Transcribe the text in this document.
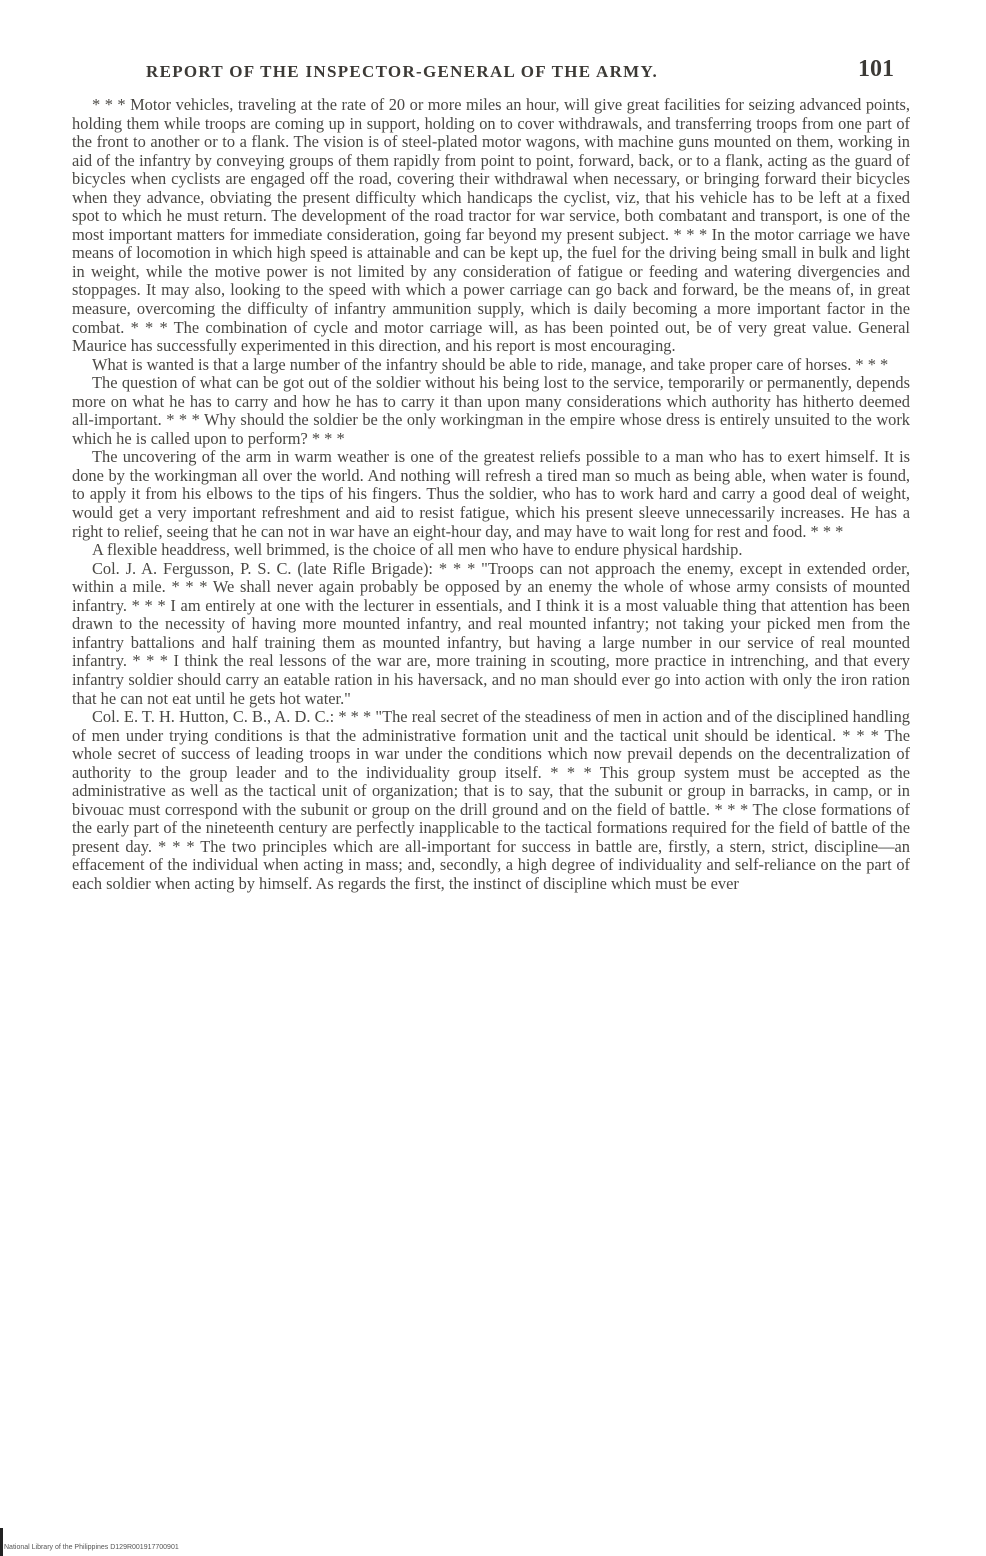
REPORT OF THE INSPECTOR-GENERAL OF THE ARMY.	101

* * * Motor vehicles, traveling at the rate of 20 or more miles an hour, will give great facilities for seizing advanced points, holding them while troops are coming up in support, holding on to cover withdrawals, and transferring troops from one part of the front to another or to a flank. The vision is of steel-plated motor wagons, with machine guns mounted on them, working in aid of the infantry by conveying groups of them rapidly from point to point, forward, back, or to a flank, acting as the guard of bicycles when cyclists are engaged off the road, covering their withdrawal when necessary, or bringing forward their bicycles when they advance, obviating the present difficulty which handicaps the cyclist, viz, that his vehicle has to be left at a fixed spot to which he must return. The development of the road tractor for war service, both combatant and transport, is one of the most important matters for immediate consideration, going far beyond my present subject. * * * In the motor carriage we have means of locomotion in which high speed is attainable and can be kept up, the fuel for the driving being small in bulk and light in weight, while the motive power is not limited by any consideration of fatigue or feeding and watering divergencies and stoppages. It may also, looking to the speed with which a power carriage can go back and forward, be the means of, in great measure, overcoming the difficulty of infantry ammunition supply, which is daily becoming a more important factor in the combat. * * * The combination of cycle and motor carriage will, as has been pointed out, be of very great value. General Maurice has successfully experimented in this direction, and his report is most encouraging.

What is wanted is that a large number of the infantry should be able to ride, manage, and take proper care of horses. * * *

The question of what can be got out of the soldier without his being lost to the service, temporarily or permanently, depends more on what he has to carry and how he has to carry it than upon many considerations which authority has hitherto deemed all-important. * * * Why should the soldier be the only workingman in the empire whose dress is entirely unsuited to the work which he is called upon to perform? * * *

The uncovering of the arm in warm weather is one of the greatest reliefs possible to a man who has to exert himself. It is done by the workingman all over the world. And nothing will refresh a tired man so much as being able, when water is found, to apply it from his elbows to the tips of his fingers. Thus the soldier, who has to work hard and carry a good deal of weight, would get a very important refreshment and aid to resist fatigue, which his present sleeve unnecessarily increases. He has a right to relief, seeing that he can not in war have an eight-hour day, and may have to wait long for rest and food. * * *

A flexible headdress, well brimmed, is the choice of all men who have to endure physical hardship.

Col. J. A. Fergusson, P. S. C. (late Rifle Brigade): * * * "Troops can not approach the enemy, except in extended order, within a mile. * * * We shall never again probably be opposed by an enemy the whole of whose army consists of mounted infantry. * * * I am entirely at one with the lecturer in essentials, and I think it is a most valuable thing that attention has been drawn to the necessity of having more mounted infantry, and real mounted infantry; not taking your picked men from the infantry battalions and half training them as mounted infantry, but having a large number in our service of real mounted infantry. * * * I think the real lessons of the war are, more training in scouting, more practice in intrenching, and that every infantry soldier should carry an eatable ration in his haversack, and no man should ever go into action with only the iron ration that he can not eat until he gets hot water."

Col. E. T. H. Hutton, C. B., A. D. C.: * * * "The real secret of the steadiness of men in action and of the disciplined handling of men under trying conditions is that the administrative formation unit and the tactical unit should be identical. * * * The whole secret of success of leading troops in war under the conditions which now prevail depends on the decentralization of authority to the group leader and to the individuality group itself. * * * This group system must be accepted as the administrative as well as the tactical unit of organization; that is to say, that the subunit or group in barracks, in camp, or in bivouac must correspond with the subunit or group on the drill ground and on the field of battle. * * * The close formations of the early part of the nineteenth century are perfectly inapplicable to the tactical formations required for the field of battle of the present day. * * * The two principles which are all-important for success in battle are, firstly, a stern, strict, discipline—an effacement of the individual when acting in mass; and, secondly, a high degree of individuality and self-reliance on the part of each soldier when acting by himself. As regards the first, the instinct of discipline which must be ever

National Library of the Philippines D129R001917700901
